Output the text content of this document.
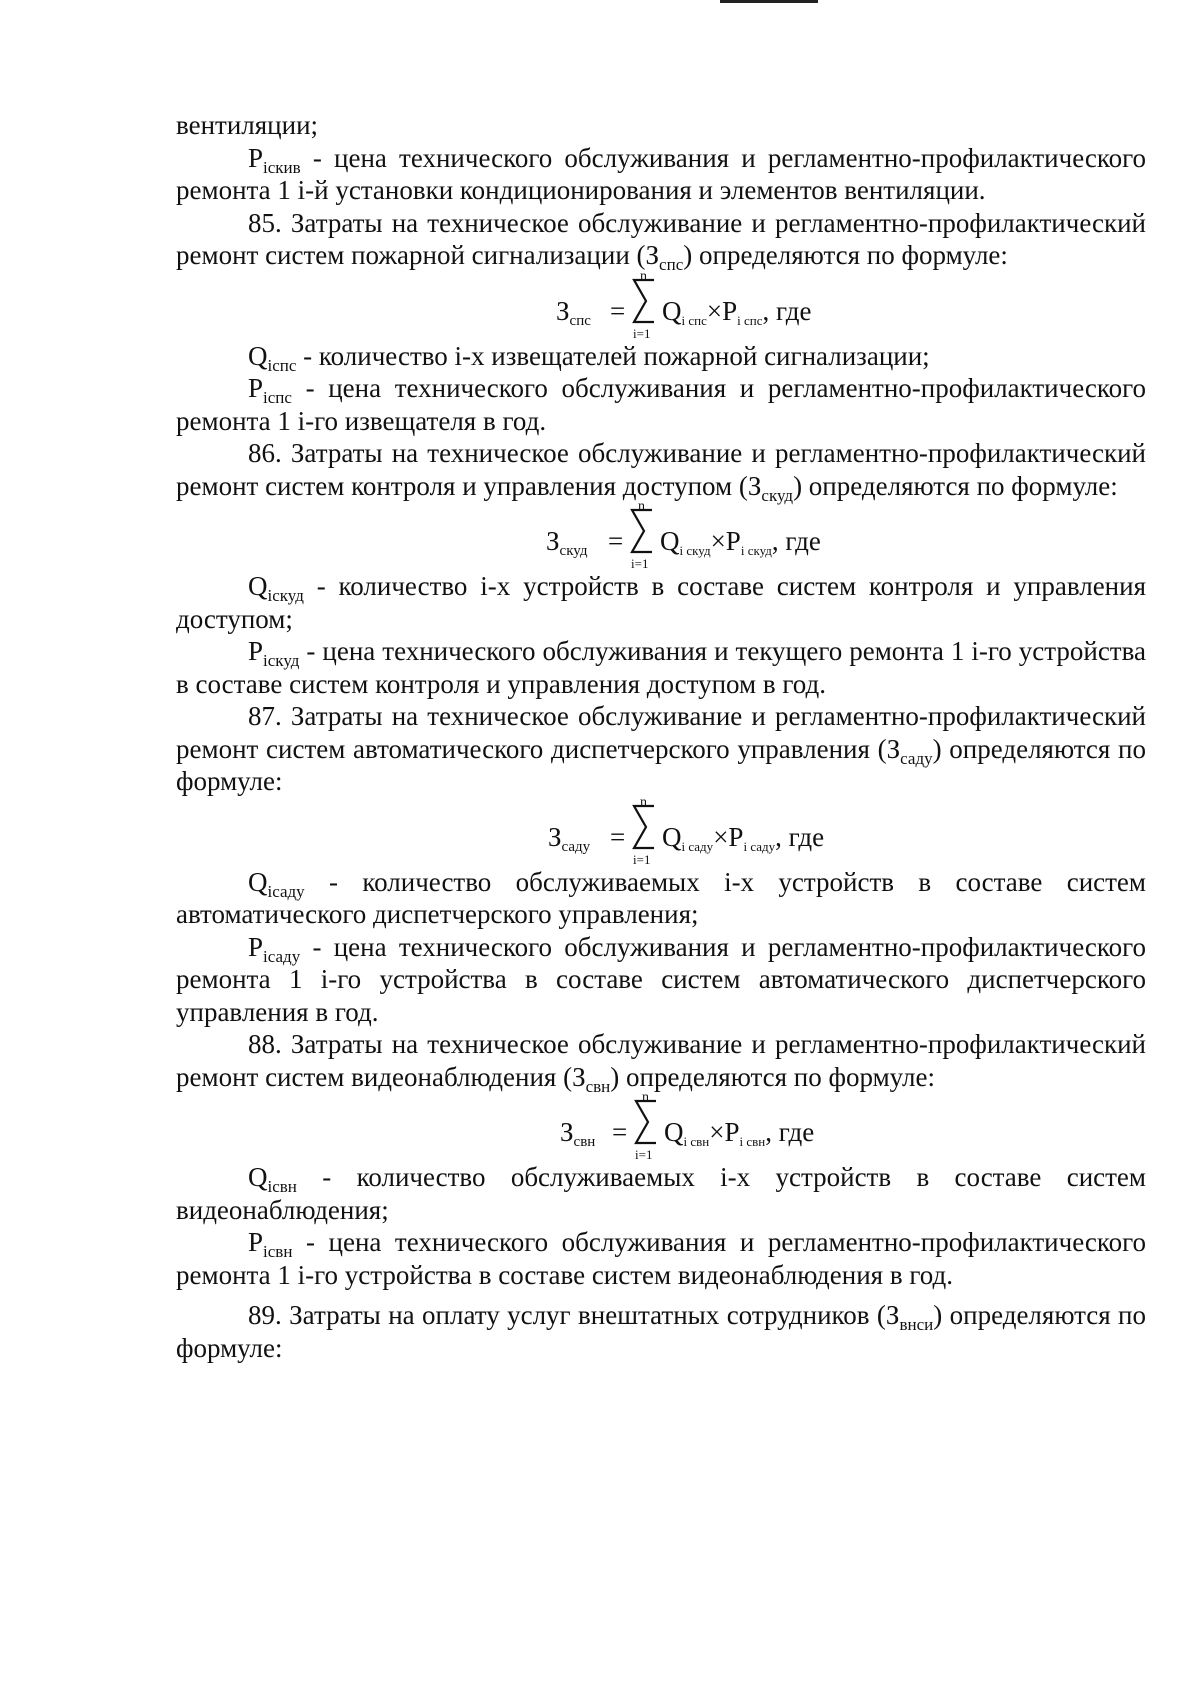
вентиляции;

$P_{iскив}$ - цена технического обслуживания и регламентно-профилактического ремонта 1 i-й установки кондиционирования и элементов вентиляции.

85. Затраты на техническое обслуживание и регламентно-профилактический ремонт систем пожарной сигнализации $(З_{спс})$ определяются по формуле:

Зспс =
n
i=1
Qi спс×Pi спс, где

$Q_{iспс}$ - количество i-х извещателей пожарной сигнализации;

$P_{iспс}$ - цена технического обслуживания и регламентно-профилактического ремонта 1 i-го извещателя в год.

86. Затраты на техническое обслуживание и регламентно-профилактический ремонт систем контроля и управления доступом $(З_{скуд})$ определяются по формуле:

Зскуд =
n
i=1
Qi скуд×Pi скуд, где

$Q_{iскуд}$ - количество i-х устройств в составе систем контроля и управления доступом;

$P_{iскуд}$ - цена технического обслуживания и текущего ремонта 1 i-го устройства в составе систем контроля и управления доступом в год.

87. Затраты на техническое обслуживание и регламентно-профилактический ремонт систем автоматического диспетчерского управления $(З_{саду})$ определяются по формуле:

Зсаду =
n
i=1
Qi саду×Pi саду, где

$Q_{iсаду}$ - количество обслуживаемых i-х устройств в составе систем автоматического диспетчерского управления;

$P_{iсаду}$ - цена технического обслуживания и регламентно-профилактического ремонта 1 i-го устройства в составе систем автоматического диспетчерского управления в год.

88. Затраты на техническое обслуживание и регламентно-профилактический ремонт систем видеонаблюдения $(З_{свн})$ определяются по формуле:

Зсвн =
n
i=1
Qi свн×Pi свн, где

$Q_{iсвн}$ - количество обслуживаемых i-х устройств в составе систем видеонаблюдения;

$P_{iсвн}$ - цена технического обслуживания и регламентно-профилактического ремонта 1 i-го устройства в составе систем видеонаблюдения в год.

89. Затраты на оплату услуг внештатных сотрудников $(З_{внси})$ определяются по формуле:
